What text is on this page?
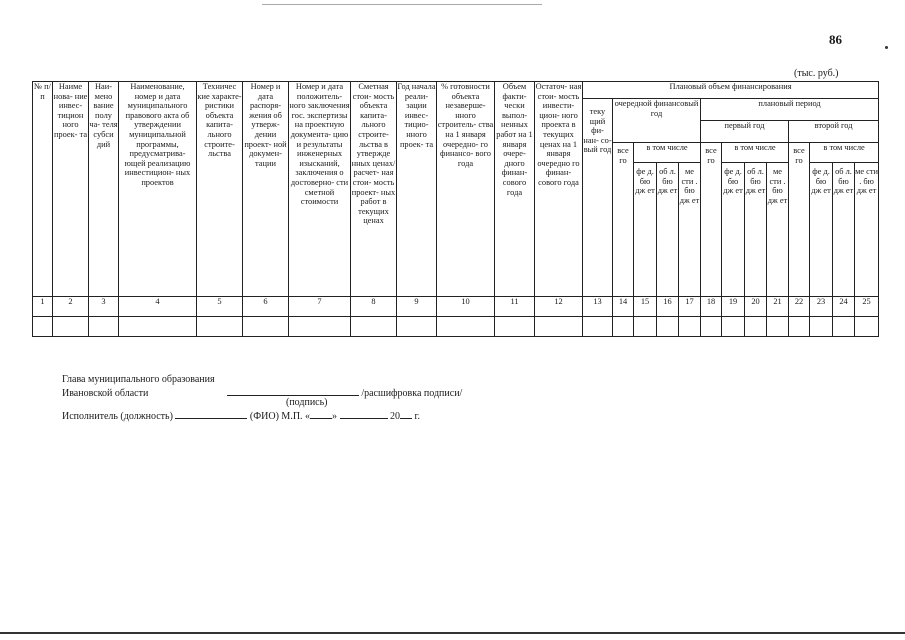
86
(тыс. руб.)
№ п/п	Наиме нова- ние инвес- тицион ного проек- та	Наи- мено вание полу ча- теля субси дий	Наименование, номер и дата муниципального правового акта об утверждении муниципальной программы, предусматрива- ющей реализацию инвестицион- ных проектов	Техничес кие характе- ристики объекта капита- льного строите- льства	Номер и дата распоря- жения об утверж- дении проект- ной докумен- тации	Номер и дата положитель- ного заключения гос. экспертизы на проектную документа- цию и результаты инженерных изысканий, заключения о достоверно- сти сметной стоимости	Сметная стои- мость объекта капита- льного строите- льства в утвержде нных ценах/ расчет- ная стои- мость проект- ных работ в текущих ценах	Год начала реали- зации инвес- тицио- нного проек- та	% готовности объекта незаверше- нного строитель- ства на 1 января очередно- го финансо- вого года	Объем факти- чески выпол- ненных работ на 1 января очере- дного финан- сового года	Остаточ- ная стои- мость инвести- цион- ного проекта в текущих ценах на 1 января очередно го финан- сового года	Плановый объем финансирования												
												теку щий фи- нан- со- вый год	очередной финансовый год				плановый период							
																	первый год				второй год			
													все го	в том числе			все го	в том числе			все го	в том числе		
														фе д. бю дж ет	об л. бю дж ет	ме сти . бю дж ет		фе д. бю дж ет	об л. бю дж ет	ме сти . бю дж ет		фе д. бю дж ет	об л. бю дж ет	ме сти . бю дж ет
1	2	3	4	5	6	7	8	9	10	11	12	13	14	15	16	17	18	19	20	21	22	23	24	25

Глава муниципального образования
Ивановской области	/расшифровка подписи/
(подпись)
Исполнитель (должность)	(ФИО) М.П. « »	20 г.
